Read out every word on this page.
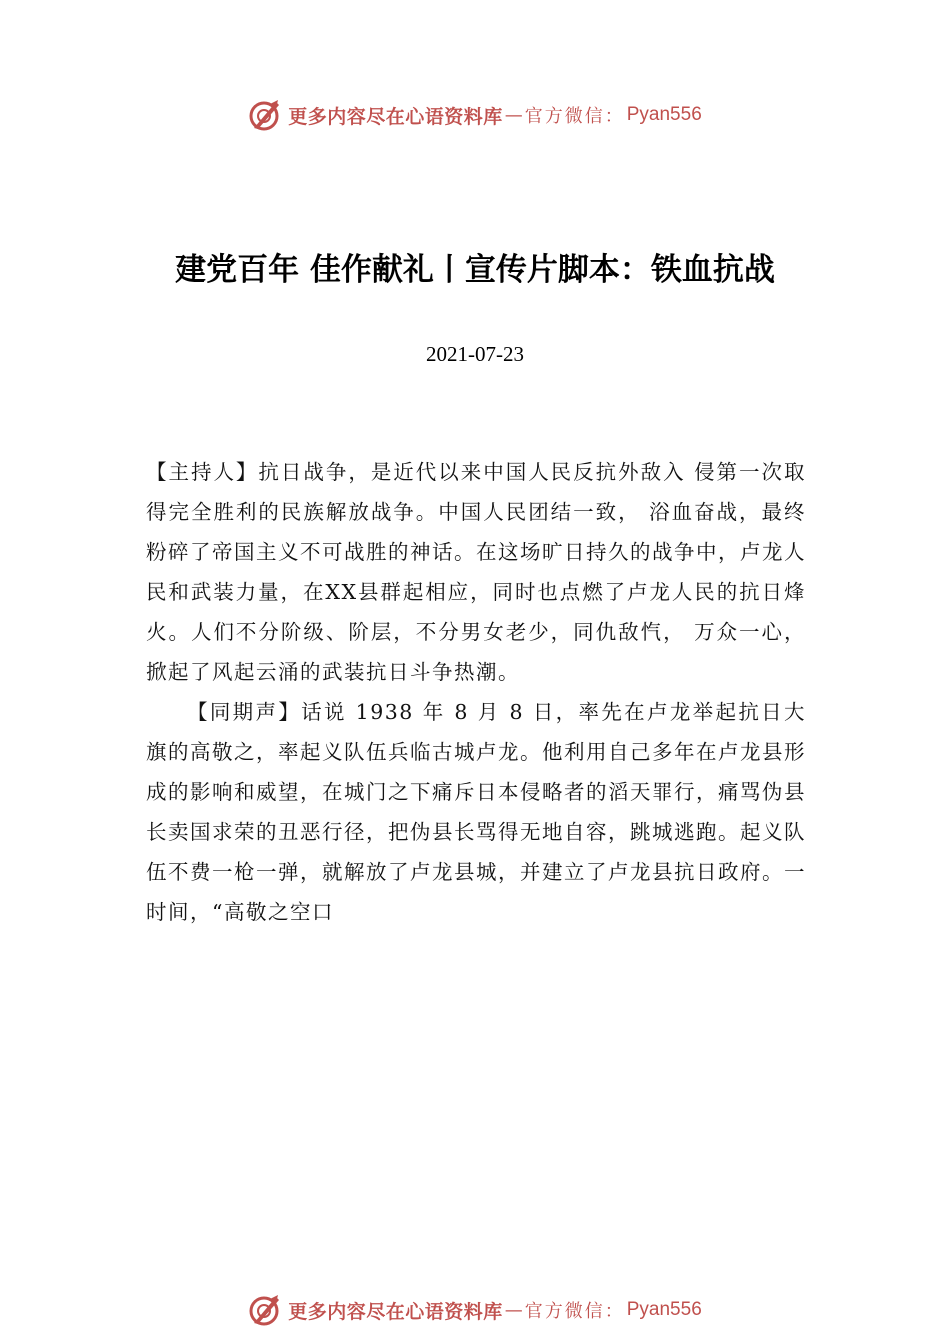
更多内容尽在心语资料库 — 官方微信： Pyan556
建党百年 佳作献礼丨宣传片脚本：铁血抗战
2021-07-23

【主持人】抗日战争，是近代以来中国人民反抗外敌入 侵第一次取得完全胜利的民族解放战争。中国人民团结一致， 浴血奋战，最终粉碎了帝国主义不可战胜的神话。在这场旷日持久的战争中，卢龙人民和武装力量，在XX县群起相应，同时也点燃了卢龙人民的抗日烽火。人们不分阶级、阶层，不分男女老少，同仇敌忾， 万众一心，掀起了风起云涌的武装抗日斗争热潮。

【同期声】话说 1938 年 8 月 8 日，率先在卢龙举起抗日大旗的高敬之，率起义队伍兵临古城卢龙。他利用自己多年在卢龙县形成的影响和威望，在城门之下痛斥日本侵略者的滔天罪行，痛骂伪县长卖国求荣的丑恶行径，把伪县长骂得无地自容，跳城逃跑。起义队伍不费一枪一弹，就解放了卢龙县城，并建立了卢龙县抗日政府。一时间，“高敬之空口

更多内容尽在心语资料库 — 官方微信： Pyan556
